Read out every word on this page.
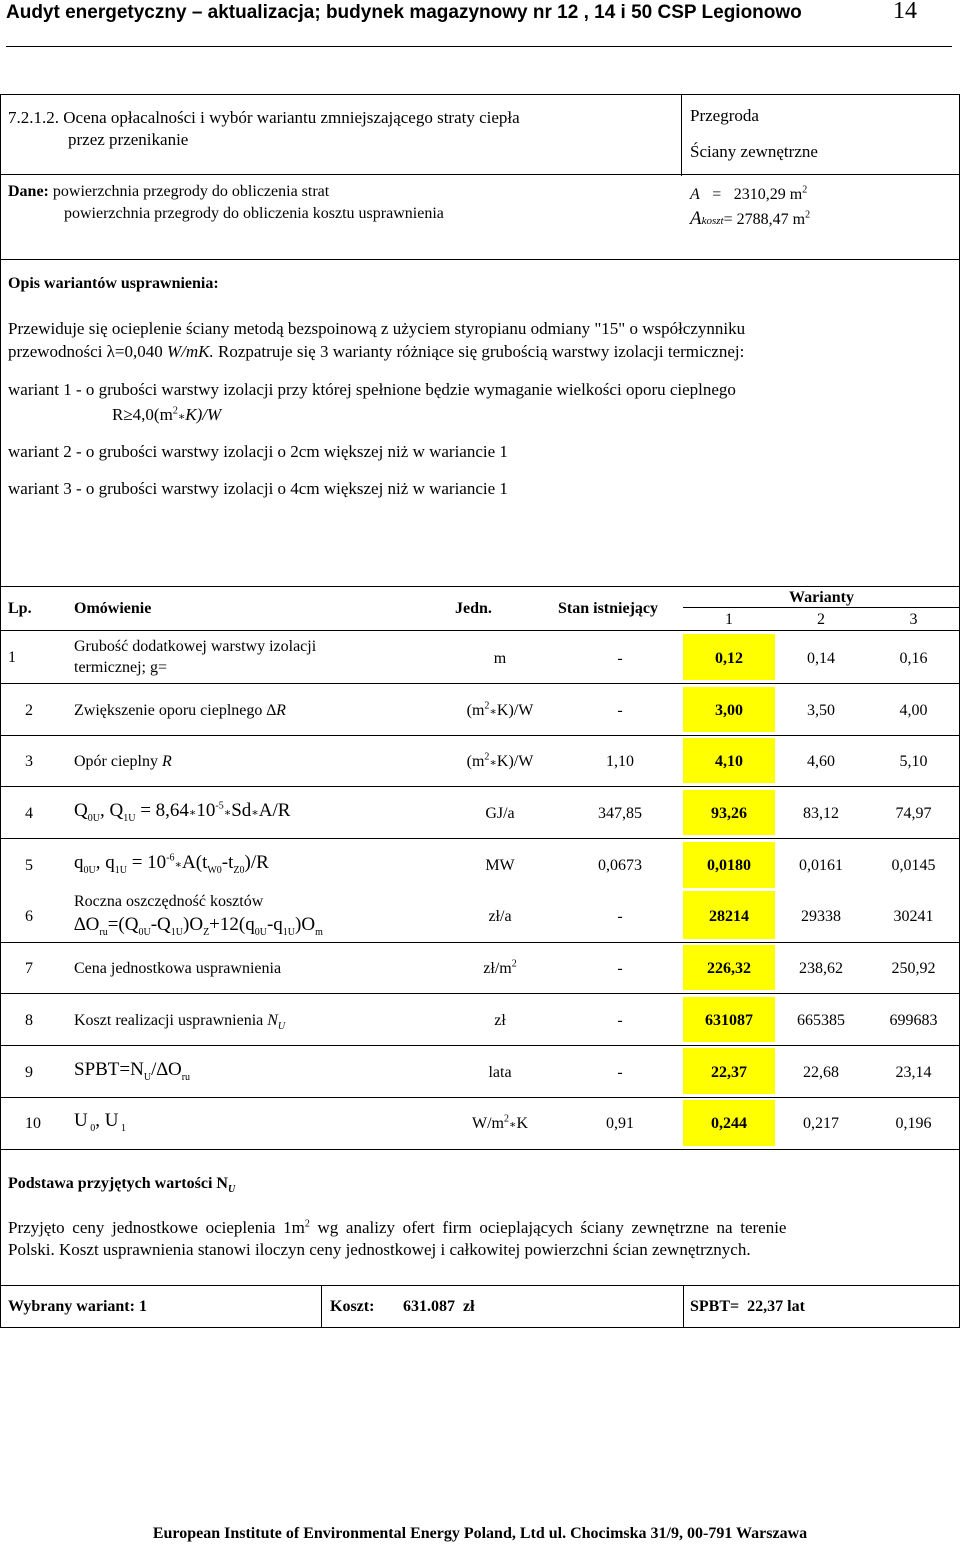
Audyt energetyczny – aktualizacja; budynek magazynowy nr 12 , 14 i 50 CSP Legionowo	14
7.2.1.2. Ocena opłacalności i wybór wariantu zmniejszającego straty ciepła
przez przenikanie
Przegroda
Ściany zewnętrzne
Dane: powierzchnia przegrody do obliczenia strat
powierzchnia przegrody do obliczenia kosztu usprawnienia
A = 2310,29 $m^2$
Akoszt= 2788,47 $m^2$
Opis wariantów usprawnienia:
Przewiduje się ocieplenie ściany metodą bezspoinową z użyciem styropianu odmiany "15" o współczynniku
przewodności λ=0,040 W/mK. Rozpatruje się 3 warianty różniące się grubością warstwy izolacji termicznej:
wariant 1 - o grubości warstwy izolacji przy której spełnione będzie wymaganie wielkości oporu cieplnego
$R\ge 4,0(m^2∗K)/W$
wariant 2 - o grubości warstwy izolacji o 2cm większej niż w wariancie 1
wariant 3 - o grubości warstwy izolacji o 4cm większej niż w wariancie 1
Lp.	Omówienie	Jedn.	Stan istniejący
Warianty
1	2	3
1
Grubość dodatkowej warstwy izolacji
termicznej; g=
m	-	0,12	0,14	0,16
2	Zwiększenie oporu cieplnego ∆R	$(m^2∗K)/W$	-	3,00	3,50	4,00
3	Opór cieplny R	$(m^2∗K)/W$	1,10	4,10	4,60	5,10
4 $Q_{0U}$, $Q_{1U}$ = $8,64∗10^{-5}∗Sd∗A/R$	GJ/a	347,85	93,26	83,12	74,97
5 $q_{0U}$, $q_{1U}$ = $10^{-6}∗A(t_{W0}-t_{Z0})/R$	MW	0,0673	0,0180	0,0161	0,0145
6
Roczna oszczędność kosztów
$\Delta O_{ru}=(Q_{0U}-Q_{1U})O_Z+12(q_{0U}-q_{1U})O_m$
zł/a	-	28214	29338	30241
7	Cena jednostkowa usprawnienia	$zł/m^2$	-	226,32	238,62	250,92
8	Koszt realizacji usprawnienia $N_U$	zł	-	631087	665385	699683
9 $SPBT=N_U/\Delta O_{ru}$	lata	-	22,37	22,68	23,14
10 U $_0$, U $_1$	$W/m^2∗K$	0,91	0,244	0,217	0,196
Podstawa przyjętych wartości $N_U$
Przyjęto ceny jednostkowe ocieplenia $1m^2$ wg analizy ofert firm ocieplających ściany zewnętrzne na terenie
Polski. Koszt usprawnienia stanowi iloczyn ceny jednostkowej i całkowitej powierzchni ścian zewnętrznych.
Wybrany wariant: 1	Koszt: 631.087  zł	SPBT=  22,37 lat
European Institute of Environmental Energy Poland, Ltd ul. Chocimska 31/9, 00-791 Warszawa
